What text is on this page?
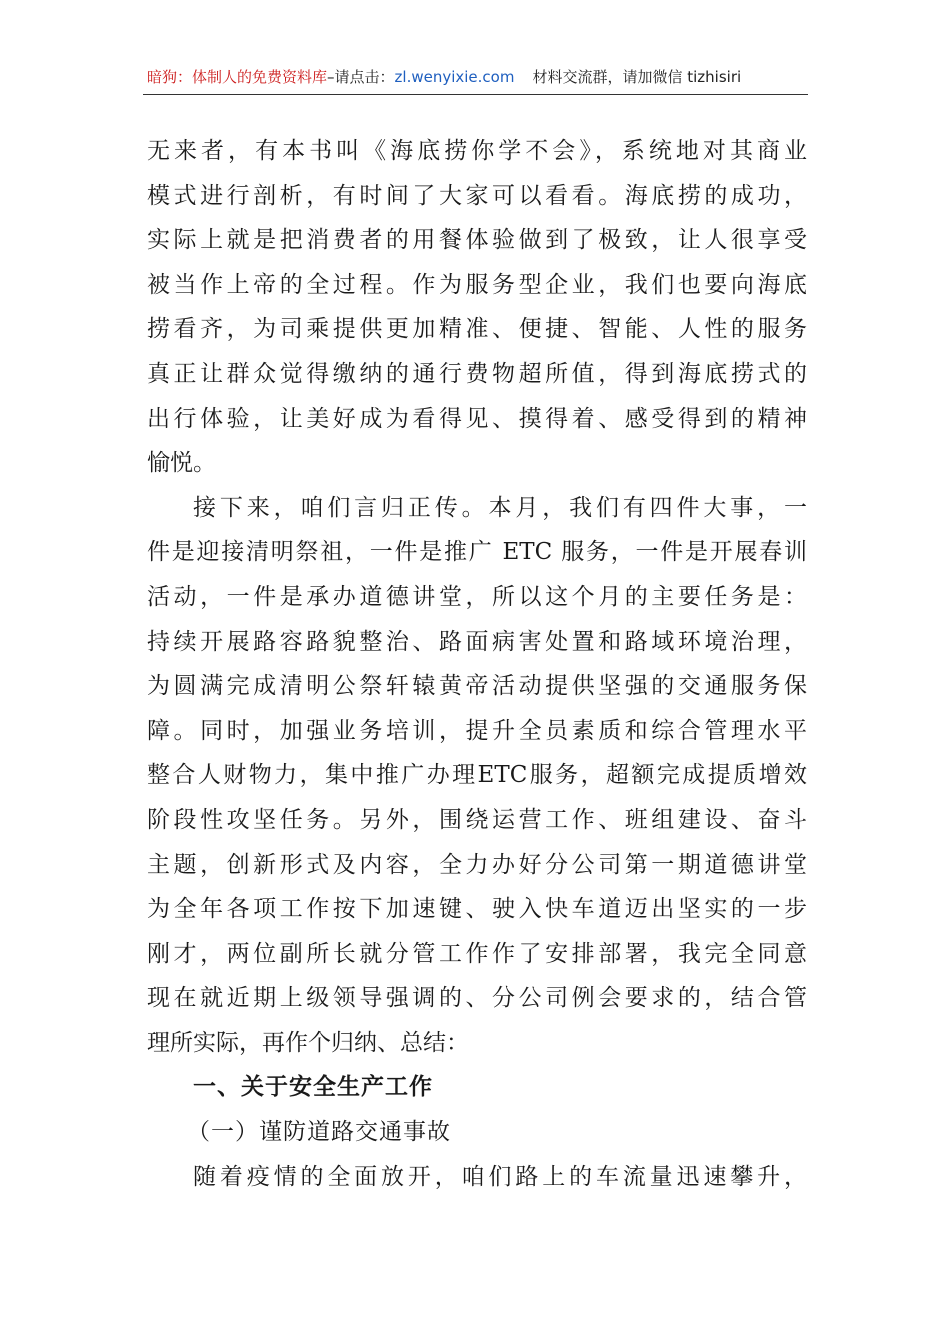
暗狗：体制人的免费资料库–请点击：zl.wenyixie.com 材料交流群，请加微信 tizhisiri
无来者，有本书叫《海底捞你学不会》，系统地对其商业
模式进行剖析，有时间了大家可以看看。海底捞的成功，
实际上就是把消费者的用餐体验做到了极致，让人很享受
被当作上帝的全过程。作为服务型企业，我们也要向海底
捞看齐，为司乘提供更加精准、便捷、智能、人性的服务
真正让群众觉得缴纳的通行费物超所值，得到海底捞式的
出行体验，让美好成为看得见、摸得着、感受得到的精神
愉悦。
接下来，咱们言归正传。本月，我们有四件大事，一
件是迎接清明祭祖，一件是推广 ETC 服务，一件是开展春训
活动，一件是承办道德讲堂，所以这个月的主要任务是：
持续开展路容路貌整治、路面病害处置和路域环境治理，
为圆满完成清明公祭轩辕黄帝活动提供坚强的交通服务保
障。同时，加强业务培训，提升全员素质和综合管理水平
整合人财物力，集中推广办理ETC服务，超额完成提质增效
阶段性攻坚任务。另外，围绕运营工作、班组建设、奋斗
主题，创新形式及内容，全力办好分公司第一期道德讲堂
为全年各项工作按下加速键、驶入快车道迈出坚实的一步
刚才，两位副所长就分管工作作了安排部署，我完全同意
现在就近期上级领导强调的、分公司例会要求的，结合管
理所实际，再作个归纳、总结：
一、关于安全生产工作
（一）谨防道路交通事故
随着疫情的全面放开，咱们路上的车流量迅速攀升，
